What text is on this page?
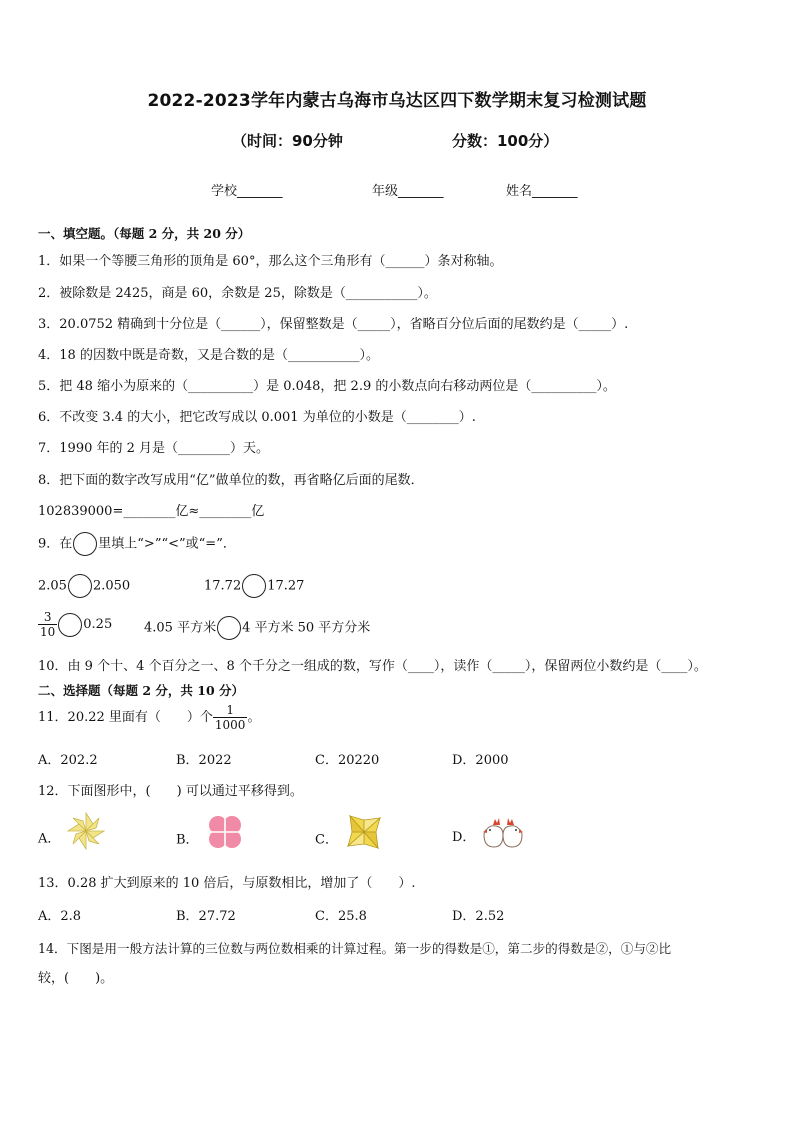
2022-2023学年内蒙古乌海市乌达区四下数学期末复习检测试题
（时间：90分钟	分数：100分）
学校_______	年级_______	姓名_______
一、填空题。（每题 2 分，共 20 分）
1．如果一个等腰三角形的顶角是 60°，那么这个三角形有（______）条对称轴。
2．被除数是 2425，商是 60，余数是 25，除数是（___________）。
3．20.0752 精确到十分位是（______），保留整数是（_____），省略百分位后面的尾数约是（_____）.
4．18 的因数中既是奇数，又是合数的是（___________）。
5．把 48 缩小为原来的（__________）是 0.048，把 2.9 的小数点向右移动两位是（__________）。
6．不改变 3.4 的大小，把它改写成以 0.001 为单位的小数是（________）.
7．1990 年的 2 月是（________）天。
8．把下面的数字改写成用“亿”做单位的数，再省略亿后面的尾数．
102839000=________亿≈________亿
9．在 里填上“>”“<”或“=”．
2.05 2.050	17.72 17.27
$\frac{3}{10} 0.25$ 4.05 平方米 4 平方米 50 平方分米
10．由 9 个十、4 个百分之一、8 个千分之一组成的数，写作（____），读作（_____），保留两位小数约是（____）。
二、选择题（每题 2 分，共 10 分）
11．20.22 里面有（　　）个 $\frac{1}{1000}$ 。
A．202.2	B．2022	C．20220	D．2000
12．下面图形中，(　　) 可以通过平移得到。
A．	B．	C．	D．
13．0.28 扩大到原来的 10 倍后，与原数相比，增加了（　　）.
A．2.8	B．27.72	C．25.8	D．2.52
14．下图是用一般方法计算的三位数与两位数相乘的计算过程。第一步的得数是①，第二步的得数是②，①与②比
较，(　　)。
